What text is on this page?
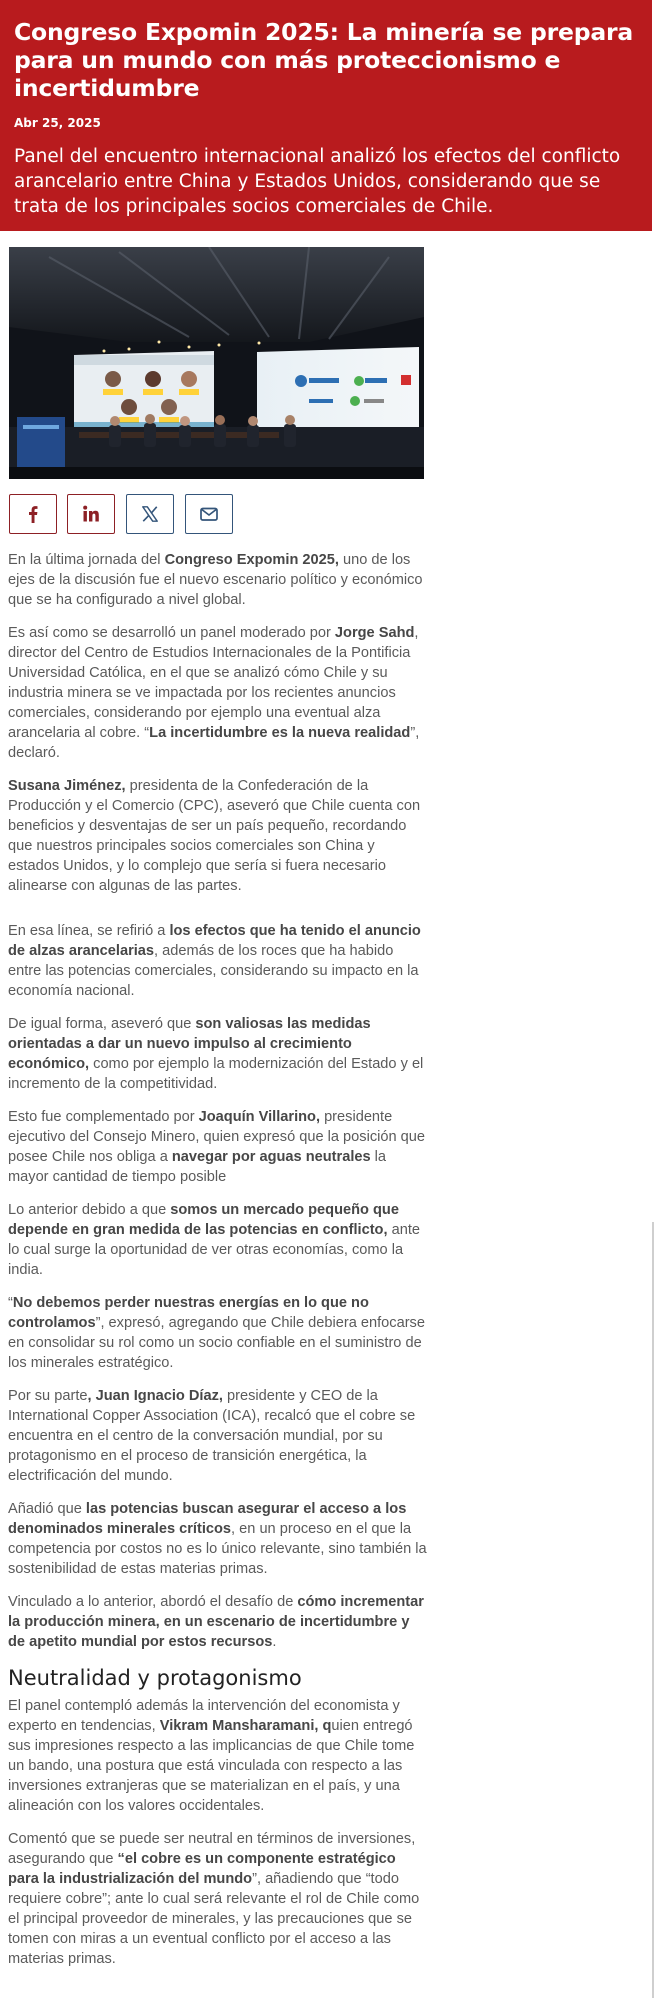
Congreso Expomin 2025: La minería se prepara para un mundo con más proteccionismo e incertidumbre
Abr 25, 2025
Panel del encuentro internacional analizó los efectos del conflicto arancelario entre China y Estados Unidos, considerando que se trata de los principales socios comerciales de Chile.

En la última jornada del Congreso Expomin 2025, uno de los ejes de la discusión fue el nuevo escenario político y económico que se ha configurado a nivel global.

Es así como se desarrolló un panel moderado por Jorge Sahd, director del Centro de Estudios Internacionales de la Pontificia Universidad Católica, en el que se analizó cómo Chile y su industria minera se ve impactada por los recientes anuncios comerciales, considerando por ejemplo una eventual alza arancelaria al cobre. “La incertidumbre es la nueva realidad”, declaró.

Susana Jiménez, presidenta de la Confederación de la Producción y el Comercio (CPC), aseveró que Chile cuenta con beneficios y desventajas de ser un país pequeño, recordando que nuestros principales socios comerciales son China y estados Unidos, y lo complejo que sería si fuera necesario alinearse con algunas de las partes.

En esa línea, se refirió a los efectos que ha tenido el anuncio de alzas arancelarias, además de los roces que ha habido entre las potencias comerciales, considerando su impacto en la economía nacional.

De igual forma, aseveró que son valiosas las medidas orientadas a dar un nuevo impulso al crecimiento económico, como por ejemplo la modernización del Estado y el incremento de la competitividad.

Esto fue complementado por Joaquín Villarino, presidente ejecutivo del Consejo Minero, quien expresó que la posición que posee Chile nos obliga a navegar por aguas neutrales la mayor cantidad de tiempo posible

Lo anterior debido a que somos un mercado pequeño que depende en gran medida de las potencias en conflicto, ante lo cual surge la oportunidad de ver otras economías, como la india.

“No debemos perder nuestras energías en lo que no controlamos”, expresó, agregando que Chile debiera enfocarse en consolidar su rol como un socio confiable en el suministro de los minerales estratégico.

Por su parte, Juan Ignacio Díaz, presidente y CEO de la International Copper Association (ICA), recalcó que el cobre se encuentra en el centro de la conversación mundial, por su protagonismo en el proceso de transición energética, la electrificación del mundo.

Añadió que las potencias buscan asegurar el acceso a los denominados minerales críticos, en un proceso en el que la competencia por costos no es lo único relevante, sino también la sostenibilidad de estas materias primas.

Vinculado a lo anterior, abordó el desafío de cómo incrementar la producción minera, en un escenario de incertidumbre y de apetito mundial por estos recursos.

Neutralidad y protagonismo

El panel contempló además la intervención del economista y experto en tendencias, Vikram Mansharamani, quien entregó sus impresiones respecto a las implicancias de que Chile tome un bando, una postura que está vinculada con respecto a las inversiones extranjeras que se materializan en el país, y una alineación con los valores occidentales.

Comentó que se puede ser neutral en términos de inversiones, asegurando que “el cobre es un componente estratégico para la industrialización del mundo”, añadiendo que “todo requiere cobre”; ante lo cual será relevante el rol de Chile como el principal proveedor de minerales, y las precauciones que se tomen con miras a un eventual conflicto por el acceso a las materias primas.
